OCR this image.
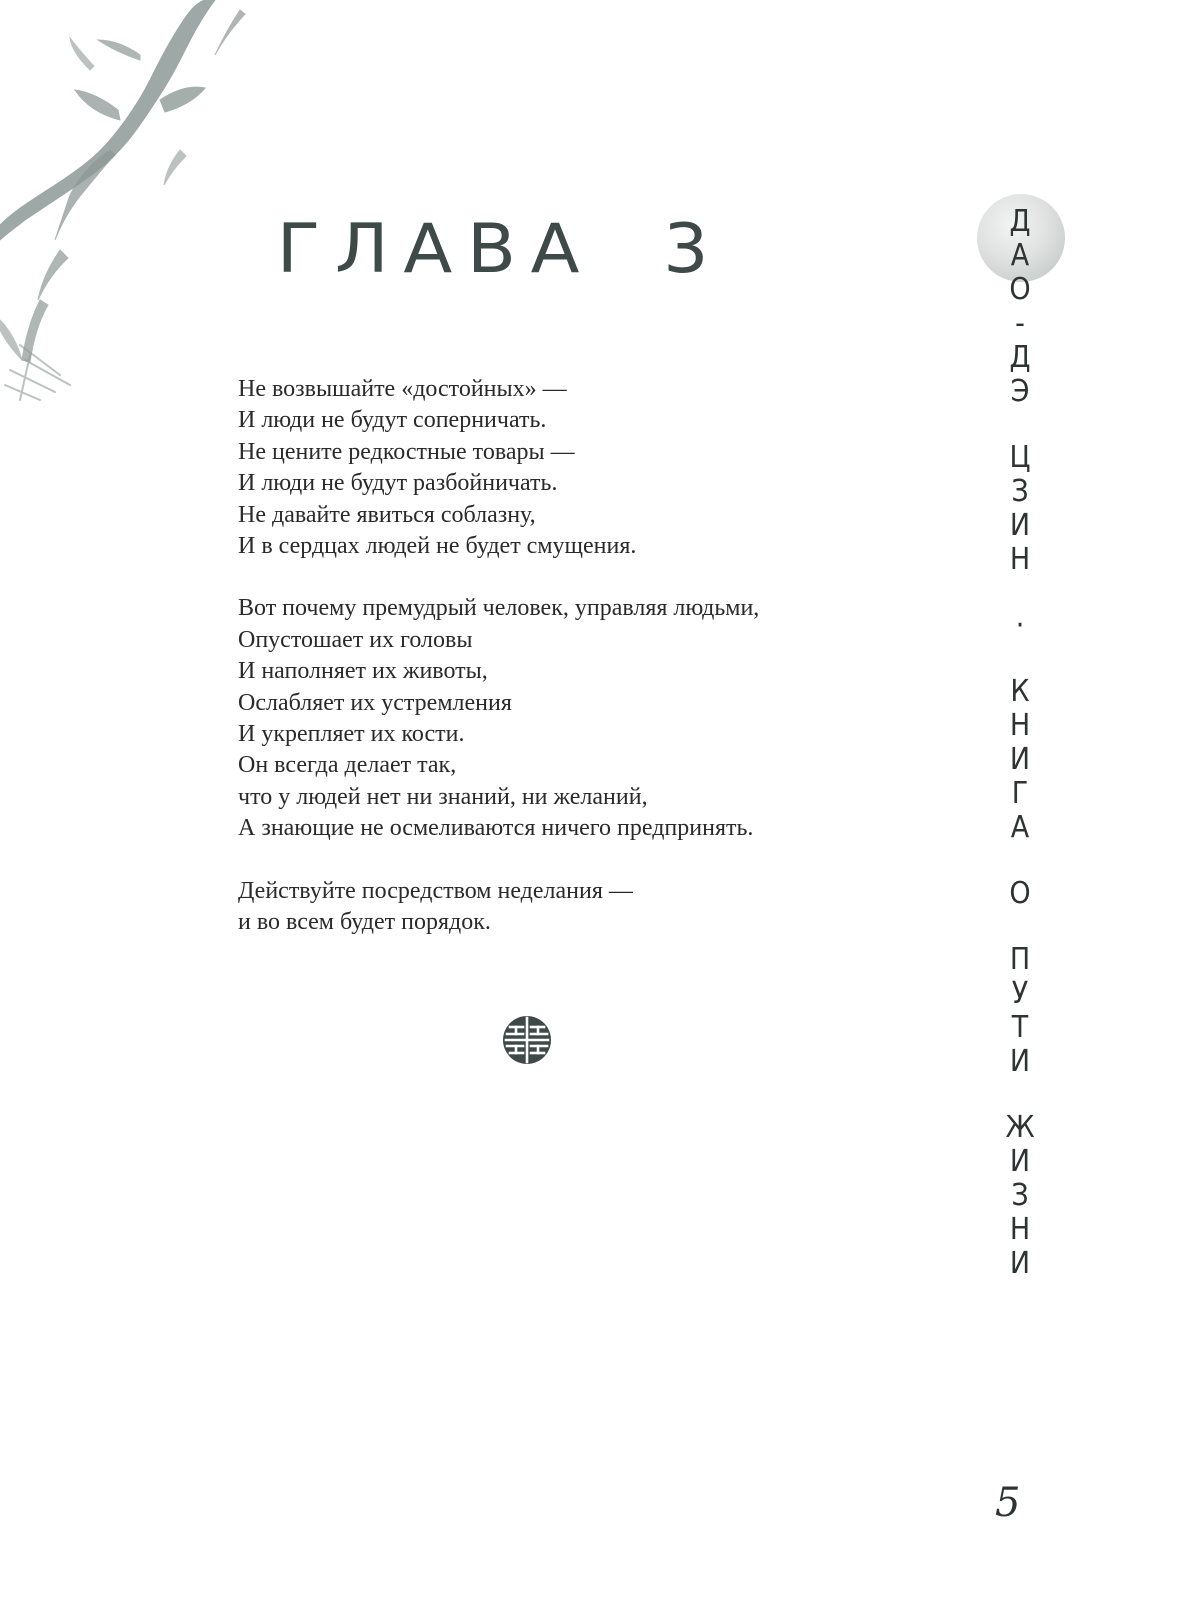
ГЛАВА 3
Не возвышайте «достойных» —
И люди не будут соперничать.
Не цените редкостные товары —
И люди не будут разбойничать.
Не давайте явиться соблазну,
И в сердцах людей не будет смущения.
Вот почему премудрый человек, управляя людьми,
Опустошает их головы
И наполняет их животы,
Ослабляет их устремления
И укрепляет их кости.
Он всегда делает так,
что у людей нет ни знаний, ни желаний,
А знающие не осмеливаются ничего предпринять.
Действуйте посредством неделания —
и во всем будет порядок.
Д
А
О
-
Д
Э
Ц
З
И
Н
·
К
Н
И
Г
А
О
П
У
Т
И
Ж
И
З
Н
И
5
